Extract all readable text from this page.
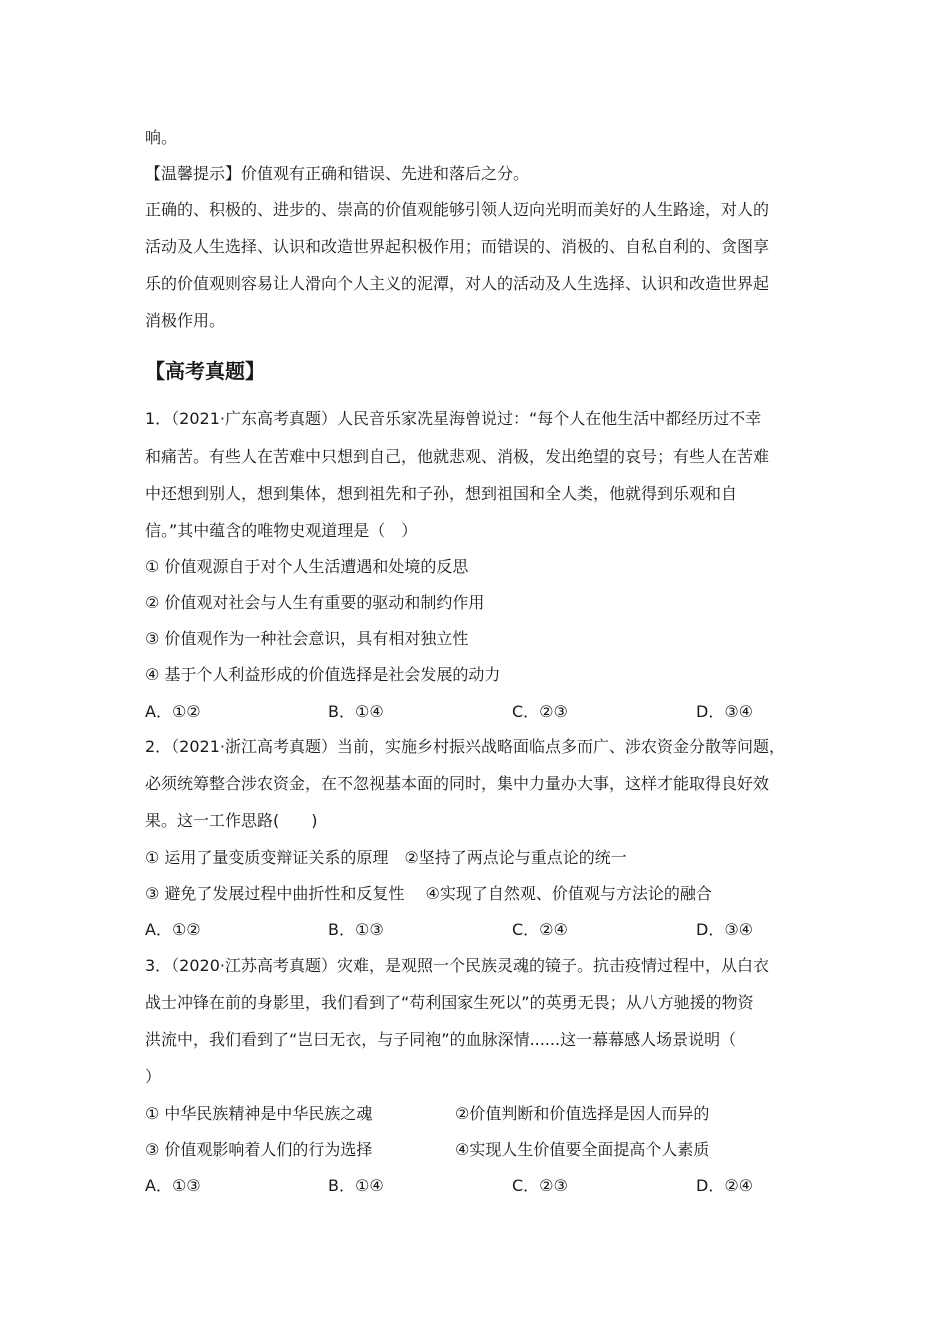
响。
【温馨提示】价值观有正确和错误、先进和落后之分。
正确的、积极的、进步的、崇高的价值观能够引领人迈向光明而美好的人生路途，对人的
活动及人生选择、认识和改造世界起积极作用；而错误的、消极的、自私自利的、贪图享
乐的价值观则容易让人滑向个人主义的泥潭，对人的活动及人生选择、认识和改造世界起
消极作用。
【高考真题】
1．（2021·广东高考真题）人民音乐家冼星海曾说过：“每个人在他生活中都经历过不幸
和痛苦。有些人在苦难中只想到自己，他就悲观、消极，发出绝望的哀号；有些人在苦难
中还想到别人，想到集体，想到祖先和子孙，想到祖国和全人类，他就得到乐观和自
信。”其中蕴含的唯物史观道理是（　）
① 价值观源自于对个人生活遭遇和处境的反思
② 价值观对社会与人生有重要的驱动和制约作用
③ 价值观作为一种社会意识，具有相对独立性
④ 基于个人利益形成的价值选择是社会发展的动力
A．①②	B．①④	C．②③	D．③④
2．（2021·浙江高考真题）当前，实施乡村振兴战略面临点多而广、涉农资金分散等问题，
必须统筹整合涉农资金，在不忽视基本面的同时，集中力量办大事，这样才能取得良好效
果。这一工作思路(　　)
① 运用了量变质变辩证关系的原理　②坚持了两点论与重点论的统一
③ 避免了发展过程中曲折性和反复性　 ④实现了自然观、价值观与方法论的融合
A．①②	B．①③	C．②④	D．③④
3．（2020·江苏高考真题）灾难，是观照一个民族灵魂的镜子。抗击疫情过程中，从白衣
战士冲锋在前的身影里，我们看到了“苟利国家生死以”的英勇无畏；从八方驰援的物资
洪流中，我们看到了“岂曰无衣，与子同袍”的血脉深情......这一幕幕感人场景说明（
）
① 中华民族精神是中华民族之魂	②价值判断和价值选择是因人而异的
③ 价值观影响着人们的行为选择	④实现人生价值要全面提高个人素质
A．①③	B．①④	C．②③	D．②④
